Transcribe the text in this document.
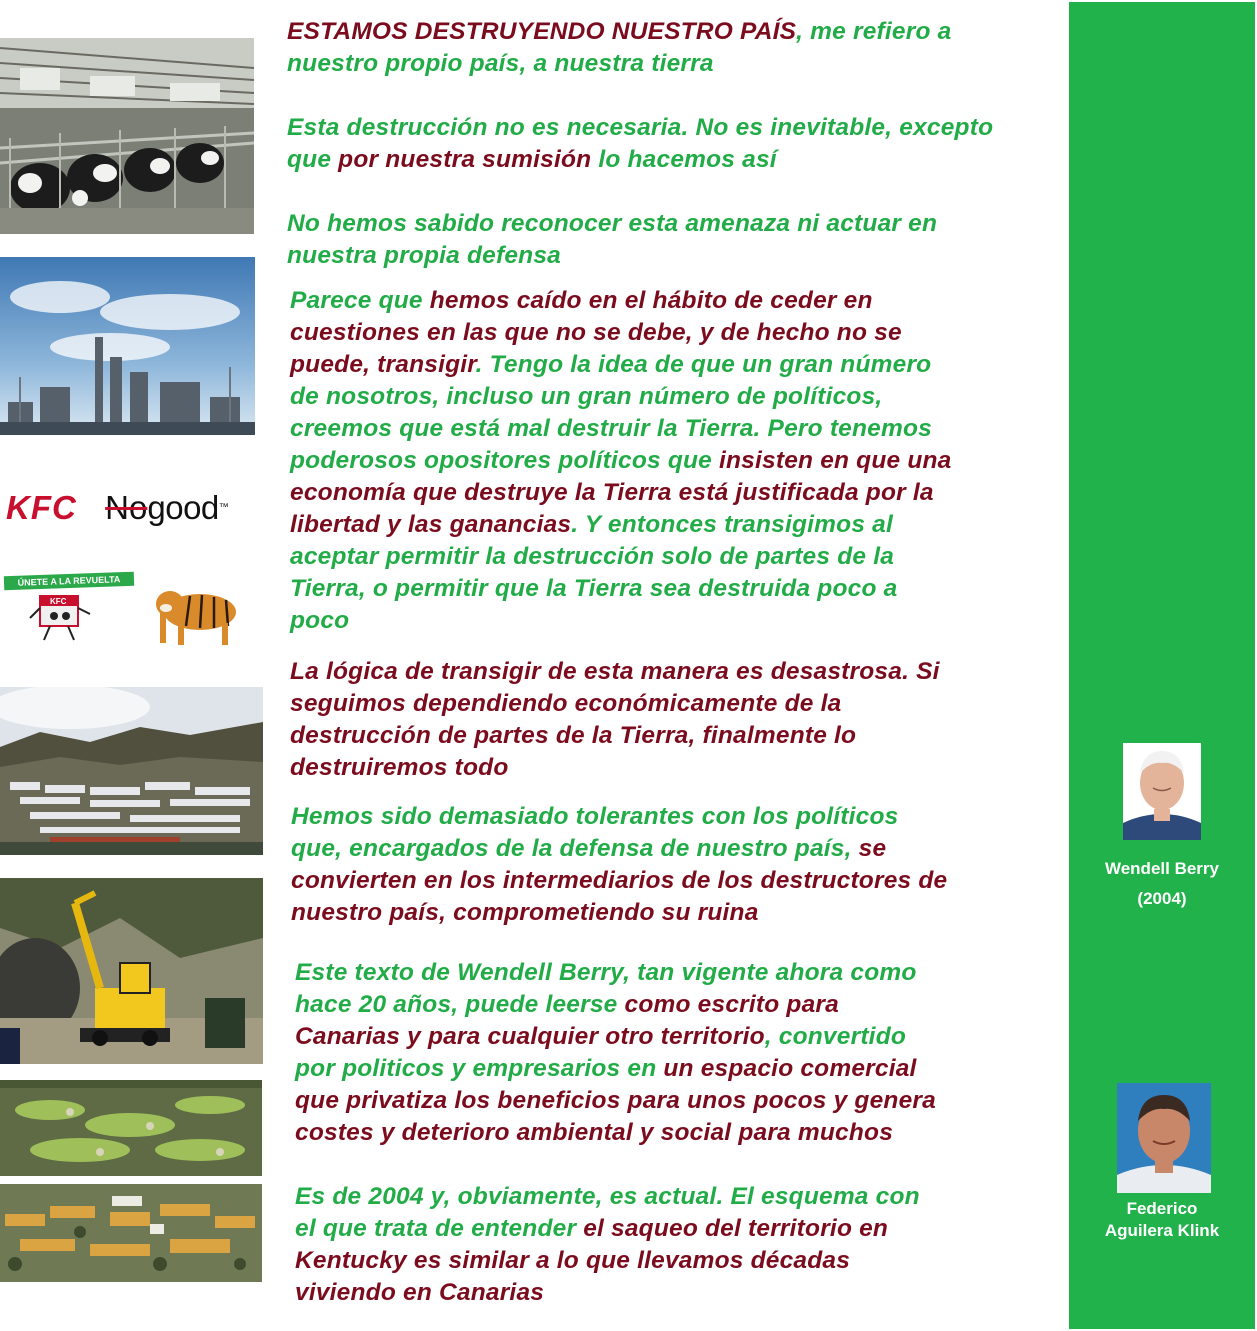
KFC Nogood™
ÚNETE A LA REVUELTA
KFC
ESTAMOS DESTRUYENDO NUESTRO PAÍS, me refiero a
nuestro propio país, a nuestra tierra
Esta destrucción no es necesaria. No es inevitable, excepto
que por nuestra sumisión lo hacemos así
No hemos sabido reconocer esta amenaza ni actuar en
nuestra propia defensa
Parece que hemos caído en el hábito de ceder en
cuestiones en las que no se debe, y de hecho no se
puede, transigir. Tengo la idea de que un gran número
de nosotros, incluso un gran número de políticos,
creemos que está mal destruir la Tierra. Pero tenemos
poderosos opositores políticos que insisten en que una
economía que destruye la Tierra está justificada por la
libertad y las ganancias. Y entonces transigimos al
aceptar permitir la destrucción solo de partes de la
Tierra, o permitir que la Tierra sea destruida poco a
poco
La lógica de transigir de esta manera es desastrosa. Si
seguimos dependiendo económicamente de la
destrucción de partes de la Tierra, finalmente lo
destruiremos todo
Hemos sido demasiado tolerantes con los políticos
que, encargados de la defensa de nuestro país, se
convierten en los intermediarios de los destructores de
nuestro país, comprometiendo su ruina
Este texto de Wendell Berry, tan vigente ahora como
hace 20 años, puede leerse como escrito para
Canarias y para cualquier otro territorio, convertido
por politicos y empresarios en un espacio comercial
que privatiza los beneficios para unos pocos y genera
costes y deterioro ambiental y social para muchos
Es de 2004 y, obviamente, es actual. El esquema con
el que trata de entender el saqueo del territorio en
Kentucky es similar a lo que llevamos décadas
viviendo en Canarias
Wendell Berry
(2004)
Federico
Aguilera Klink
